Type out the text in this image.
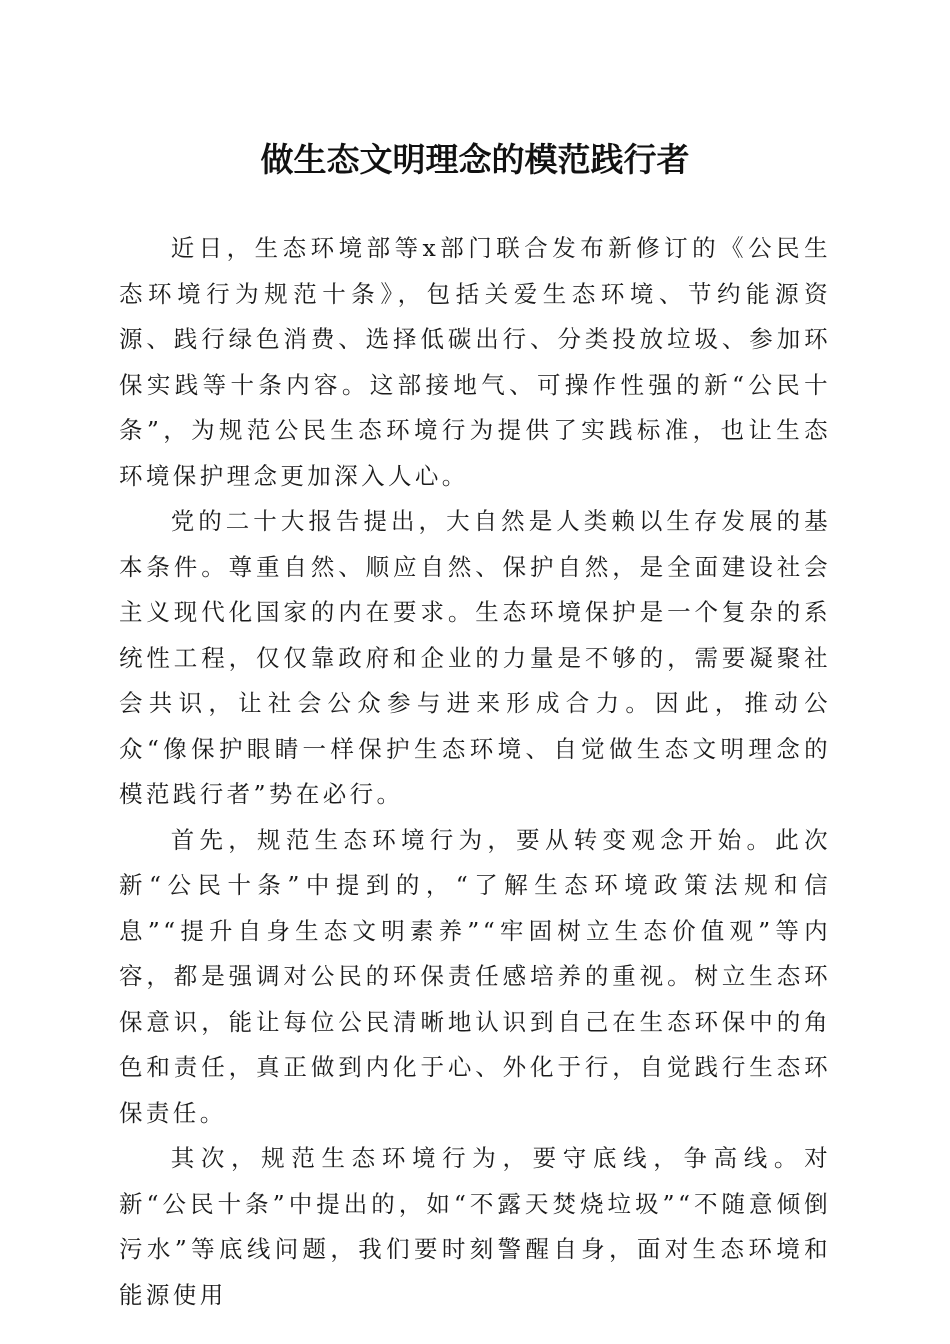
做生态文明理念的模范践行者

近日，生态环境部等x部门联合发布新修订的《公民生态环境行为规范十条》，包括关爱生态环境、节约能源资源、践行绿色消费、选择低碳出行、分类投放垃圾、参加环保实践等十条内容。这部接地气、可操作性强的新“公民十条”，为规范公民生态环境行为提供了实践标准，也让生态环境保护理念更加深入人心。

党的二十大报告提出，大自然是人类赖以生存发展的基本条件。尊重自然、顺应自然、保护自然，是全面建设社会主义现代化国家的内在要求。生态环境保护是一个复杂的系统性工程，仅仅靠政府和企业的力量是不够的，需要凝聚社会共识，让社会公众参与进来形成合力。因此，推动公众“像保护眼睛一样保护生态环境、自觉做生态文明理念的模范践行者”势在必行。

首先，规范生态环境行为，要从转变观念开始。此次新“公民十条”中提到的，“了解生态环境政策法规和信息”“提升自身生态文明素养”“牢固树立生态价值观”等内容，都是强调对公民的环保责任感培养的重视。树立生态环保意识，能让每位公民清晰地认识到自己在生态环保中的角色和责任，真正做到内化于心、外化于行，自觉践行生态环保责任。

其次，规范生态环境行为，要守底线，争高线。对新“公民十条”中提出的，如“不露天焚烧垃圾”“不随意倾倒污水”等底线问题，我们要时刻警醒自身，面对生态环境和能源使用
